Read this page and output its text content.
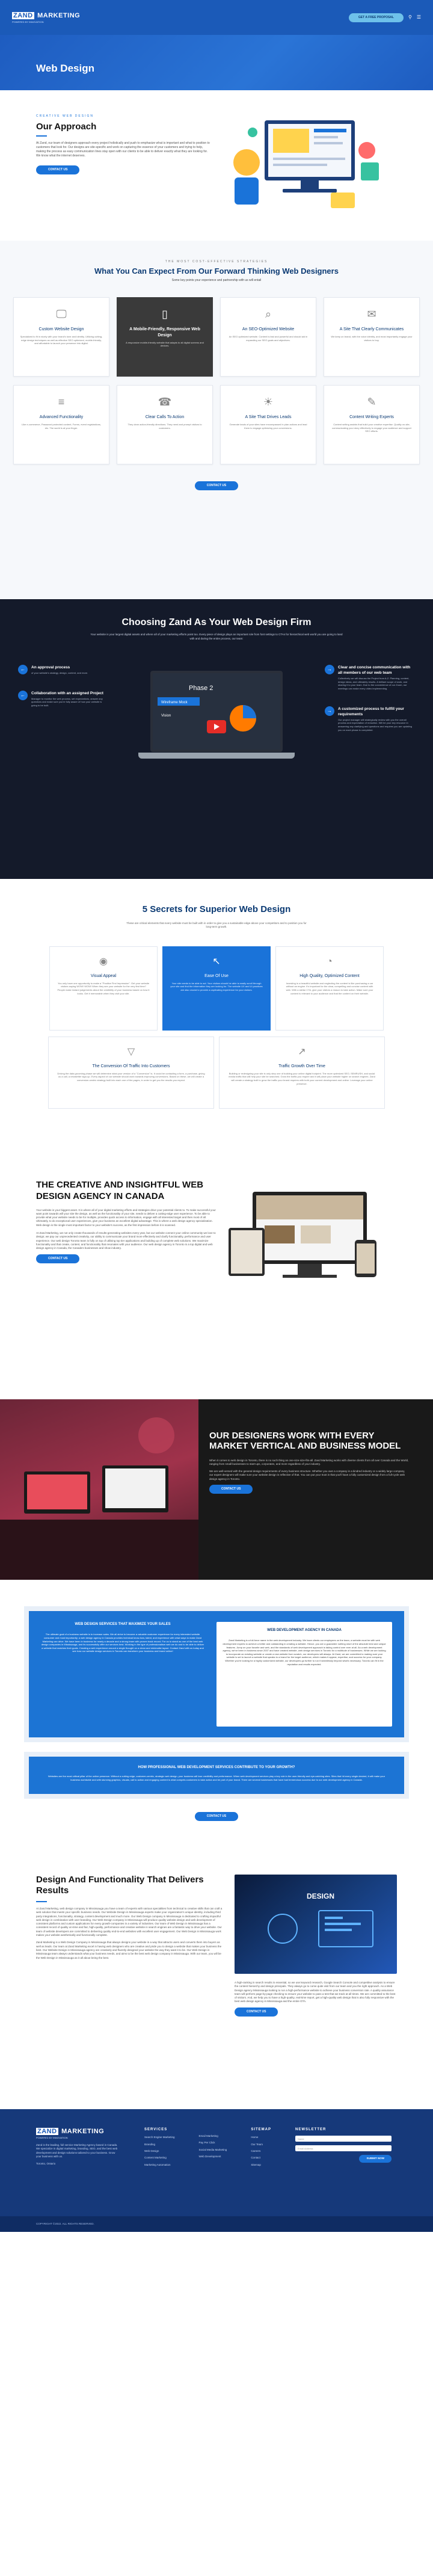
ZAND MARKETING
POWERED BY INNOVATION
GET A FREE PROPOSAL	⚲ ☰
Web Design
CREATIVE WEB DESIGN
Our Approach

At Zand, our team of designers approach every project holistically and push to emphasize what is important and what to position to customers that look for. Our designs are site-specific and work on capturing the essence of your customers and trying to help, making the process as easy communication lines stay open with our clients to be able to deliver exactly what they are looking for. We know what the internet deserves.

CONTACT US
THE MOST COST-EFFECTIVE STRATEGIES
What You Can Expect From Our Forward Thinking Web Designers
Some key points your experience and partnership with us will entail
🖵
Custom Website Design

Specialized to fit in nicely with your brand's tone and identity. Utilizing cutting-edge design techniques as well as effective SEO optimized, mobile-friendly, and affordable to launch your presence into digital.

▯
A Mobile-Friendly, Responsive Web Design

A responsive mobile-friendly website that adapts to all digital screens and devices.

⌕
An SEO-Optimized Website

An SEO optimized website. Content is fast and powerful and should aid in expanding our SEO goals and objectives.

✉
A Site That Clearly Communicates

We keep on brand, with the voice identity, and most importantly engage your visitors to buy.

≡
Advanced Functionality

Like e-commerce, Password protected content, Forms, event registrations, etc. The world is at your finger.

☎
Clear Calls To Action

They clear action-friendly directions. They need and prompt visitors to customers.

☀
A Site That Drives Leads

Generate leads of your sites have encompassed in plan actions and lead them to engage optimizing your conversions.

✎
Content Writing Experts

Content writing assists that build your creative expertise. Quality on-site, communicating your story effectively to engage your audience and support SEO efforts.

CONTACT US
Choosing Zand As Your Web Design Firm
Your website is your largest digital assets and where all of your marketing efforts point too. Every piece of design plays an important role from font settings to CTAs for hierarchical web world you are going to land with and during the entire process, our team:
←	An approval process

of your website's strategy, design, content, and more.

←	Collaboration with an assigned Project

Manager to monitor the web process, set expectations, answer any questions and make sure you're fully aware of how your website is going to be built.

Phase 2
Wireframe Mock
Vision
→	Clear and concise communication with all members of our web team

Collectively we will discuss the Project from A-Z. Planning, content, design ideas, and ultimately results. A brilliant scope of work, and sharing it to your team. Due to the convenience of our Zoom, our meetings can make every video implementing.

→	A customized process to fulfill your requirements

Our project manager will strategically review with you the overall process and expectation of reduction. Will be your key resource in answering any clarifying and questions and requires you are updating you on each phase is completed.

5 Secrets for Superior Web Design
These are critical elements that every website must be built with in order to give you a sustainable edge above your competitors and to position you for long-term growth.
◉
Visual Appeal

You only have one opportunity to make a "Positive First Impression". Get your website visitors saying WOW! WOW! When they see your website for the very first time? People make instant judgements about the credibility of your business based on how it looks. Get it memorable when they visit your site.

↖
Ease Of Use

Your site needs to be able to act. Your visitors should be able to easily scroll through your site and find the information they are looking for. The website UX and UI practices are also crucial to provide a captivating experience for your visitors.

◔
High Quality, Optimized Content

Investing in a beautiful website and neglecting the content is like purchasing a car without an engine. It's important for the clear, compelling and concise content with web. With a stellar CTA, give your visitors a reason to take action. Make sure your content is relevant to your audience and that the content on their website.

▽
The Conversion Of Traffic Into Customers

Driving the data grooming phase we will determine what your version of a "Conversion" is. It could be contacting a form, a purchase, giving us a call, a newsletter sign-up. Every aspect of our website should work towards improving conversions. Based on these, we will create a conversion-centric strategy built into each one of the pages, in order to get you the results you expect.

↗
Traffic Growth Over Time

Building or redesigning your site is only step one of building your online digital footprint. The more optimized SEO, SEMRUSH, and social media traffic that will help your site be searched. Grow the traffic you require and it will place your website higher on search engines. Zand will create a strategy built to grow the traffic your brand requires with both your current development and online. Leverage your online presence.

THE CREATIVE AND INSIGHTFUL WEB DESIGN AGENCY IN CANADA

Your website is your biggest asset. It is where all of your digital marketing efforts and strategies drive your potential clients to. To make successful your want point towards will your site the design, as well as the functionality of your site, needs to deliver a cutting-edge user experience. To be able to provide what your website needs to be for multiple, provides quick access to information, engage with all interested target and then most of all. Ultimately, to do exceptional user experiences, give your business an excellent digital advantage. This is where a web design agency specialization. Web design is the single most important factor to your website's success, as the first impression before it is scanned.

At Zand Marketing, we not only create thousands of results-generating websites every year, but our website connect your online community we love to design; we pay our unprecedented creativity, our ability to communicate your brand more effectively and clarify functionality, performance and user experience. Our web design Toronto team is fully on top of utilising top tier applications and building up of complete web solutions. We maximize functionality and that create, content, and functionality that resonates with your audience. Our web design agency in Toronto is a top digital and web design agency in Canada, the Canada's businesses and show industry.

CONTACT US
OUR DESIGNERS WORK WITH EVERY MARKET VERTICAL AND BUSINESS MODEL

When it comes to web design in Toronto, there is no such thing as one-size-size-fits-all. Zand Marketing works with diverse clients from all over Canada and the World, ranging from small businesses to start-ups, corporates, and more regardless of your industry.

We are well-versed with the general design requirements of every business structure. Whether you own a company in a kindred industry or a widely large company, our expert designers will make sure your website design is reflective of that. You can put your trust in that you'll have a fully customized design from a full-cycle web design agency in Toronto.

CONTACT US
WEB DESIGN SERVICES THAT MAXIMIZE YOUR SALES

The ultimate goal of a business website is to increase sales. We all strive to become a valuable customer experience for every interested website consumer and most importantly; a web design agency in Canada provides technical know-how, talent, and experience with what ways to make Zand Marketing can drive. We have been in business for nearly a decade and a strong team with proven track record. For us to stand as one of the best web design companies in Mississauga, and its successfully offer our services best. Working in the type of professionalism web we do and to be able to deliver a website that matches their goals. Creating a web experience around a single thought on a clean and minimalist layout. Contact Zand with us today and see how our website design services in Toronto can transform your business and brand online!

WEB DEVELOPMENT AGENCY IN CANADA

Zand Marketing is a full-force name in the web development industry. We have clients our employees on the team, a website must be with web development experts to achieve a better and outstanding in creating a website. Hence, you are a guarantee nothing short of the absolute best and unique features. Jump on your favorite and web, and the standards of web development approach is taking control over ever at all. As a web development agency, we've been in business since 2007 and have created website, web design services in Toronto for a multitude of businesses. While we are looking to incorporate an existing website or create a new website from scratch, our developers will always. At Zand, we are committed to making sure your website is set to launch a website that speaks to a brand for the target audience, which makes it appear, expertise, and success for your company. Whether you're looking for a highly customized website, our developers go further to run it seamlessly beyond what's necessary. Toronto can fit in the reputation and results expected.

HOW PROFESSIONAL WEB DEVELOPMENT SERVICES CONTRIBUTE TO YOUR GROWTH?

Websites are the most critical pillar of the online presence. Without a cutting edge, customer-centric, strategic web design, your business will lose credibility and performance. When web development services play a key role in the user-friendly and eye-catching sites. Sites that hit every single desired, it will make your business worldwide and with stunning graphics, visuals, call to action and engaging content is what compels customers to take action and be part of your brand. There are several businesses that have had tremendous success due to our web development agency in Canada.

CONTACT US
Design And Functionality That Delivers Results

At Zand Marketing, web design company in Mississauga you have a team of experts with various specialities from technical to creative skills that can craft a web solution that meets your specific business needs. Our Website Design in Mississauga experts make your organization's unique identity, including third party integrations, functionality, strategy, content development and much more. Our Web Design company in Mississauga is dedicated to crafting impactful web design in combination with user branding. Our Web Design company in Mississauga will produce quality website design and web development of consistent platforms and custom applications for every growth-companies in a variety of industries. Our team of Web Design in Mississauga has a consistent record of quality on-time and fair, high-quality, performance and creative website in search engines are a fantastic way to drive your website. Our team of website developers are committed to delivering quality end-to-end websites with excellent user engagement. Our Web Design in Mississauga work makes your website aesthetically and functionally complete.

Zand Marketing is a Web Design Company in Mississauga that always designs your website in a way that attracts users and converts them into buyers as well as leads. Our team at Zand Marketing excel in having web designers who are creative and pride you to design a website that makes your business the best. Our Website Design in Mississauga agency are creatively and fluently designed your website the way they want it to be. Our Web Design in Mississauga team always understands what your business needs, and aims to be the best web design company in Mississauga. With our team, you will be the Web Design in Mississauga as it all about being the best.

DESIGN

A high-ranking in search results is essential, so we use keyword research, Google Search Console and competitive analysis to ensure the content hierarchy and design principals. They always go to come quite visit from our team and you the right approach. As a Web Design agency Mississauga looking to run a high-performance website to achieve your business conversion rate. A quality assurance team will perform page-by-page checking to ensure your website to pass a test that we track at all times. We are committed to the best of visitors. And, we help you to have a high-quality, real-time report, get a high-quality web design that is also fully responsive with the best web design agency in Mississauga and the entire GTA.

CONTACT US
ZAND MARKETING
POWERED BY INNOVATION

Zand is the leading, full service Marketing Agency based in Canada. We specialize in digital marketing, branding, SEO, and the best web development and design solutions tailored to your business. Grow your business with us.

Toronto, Ontario

SERVICES
Search Engine Marketing
Branding
Web Design
Content Marketing
Marketing Automation
Email Marketing
Pay Per Click
Social Media Marketing
Web Development
SITEMAP
Home
Our Team
Careers
Contact
Sitemap
NEWSLETTER
Name
Email Address
SUBMIT NOW
COPYRIGHT ©2022. ALL RIGHTS RESERVED.
